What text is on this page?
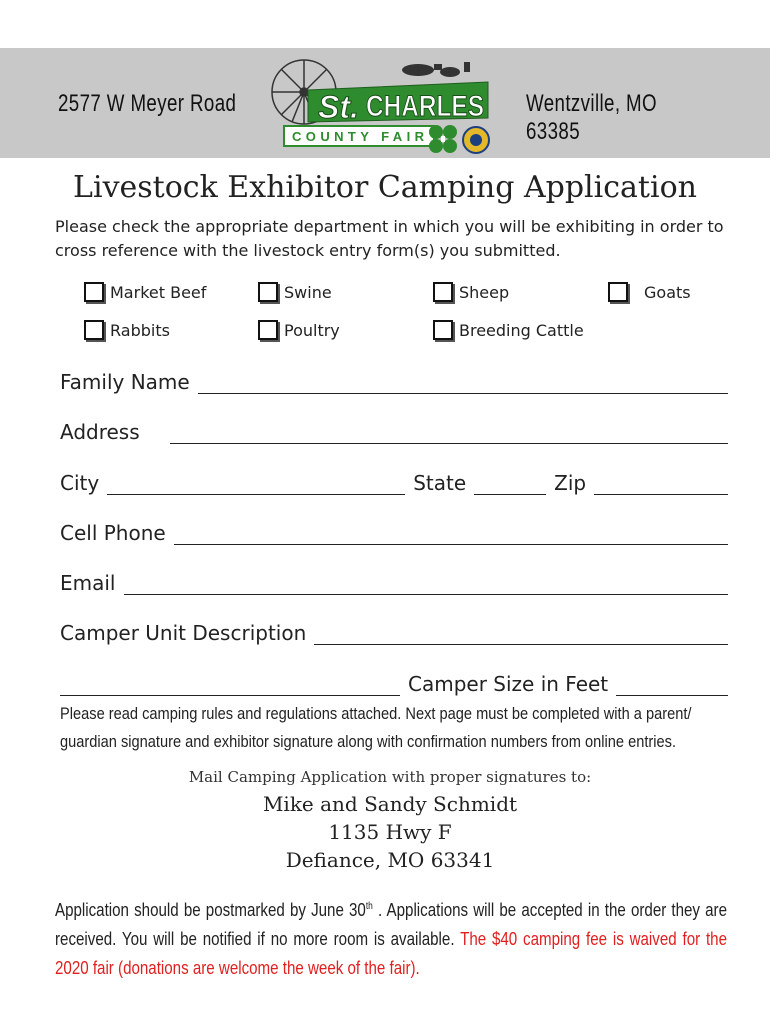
2577 W Meyer Road	Wentzville, MO 63385
St. CHARLES
COUNTY FAIR
Livestock Exhibitor Camping Application
Please check the appropriate department in which you will be exhibiting in order to cross reference with the livestock entry form(s) you submitted.
Market Beef	Swine	Sheep	Goats
Rabbits	Poultry	Breeding Cattle
Family Name
Address
City	State	Zip
Cell Phone
Email
Camper Unit Description
Camper Size in Feet
Please read camping rules and regulations attached. Next page must be completed with a parent/ guardian signature and exhibitor signature along with confirmation numbers from online entries.
Mail Camping Application with proper signatures to:
Mike and Sandy Schmidt
1135 Hwy F
Defiance, MO 63341
Application should be postmarked by June 30th . Applications will be accepted in the order they are received. You will be notified if no more room is available. The $40 camping fee is waived for the 2020 fair (donations are welcome the week of the fair).
